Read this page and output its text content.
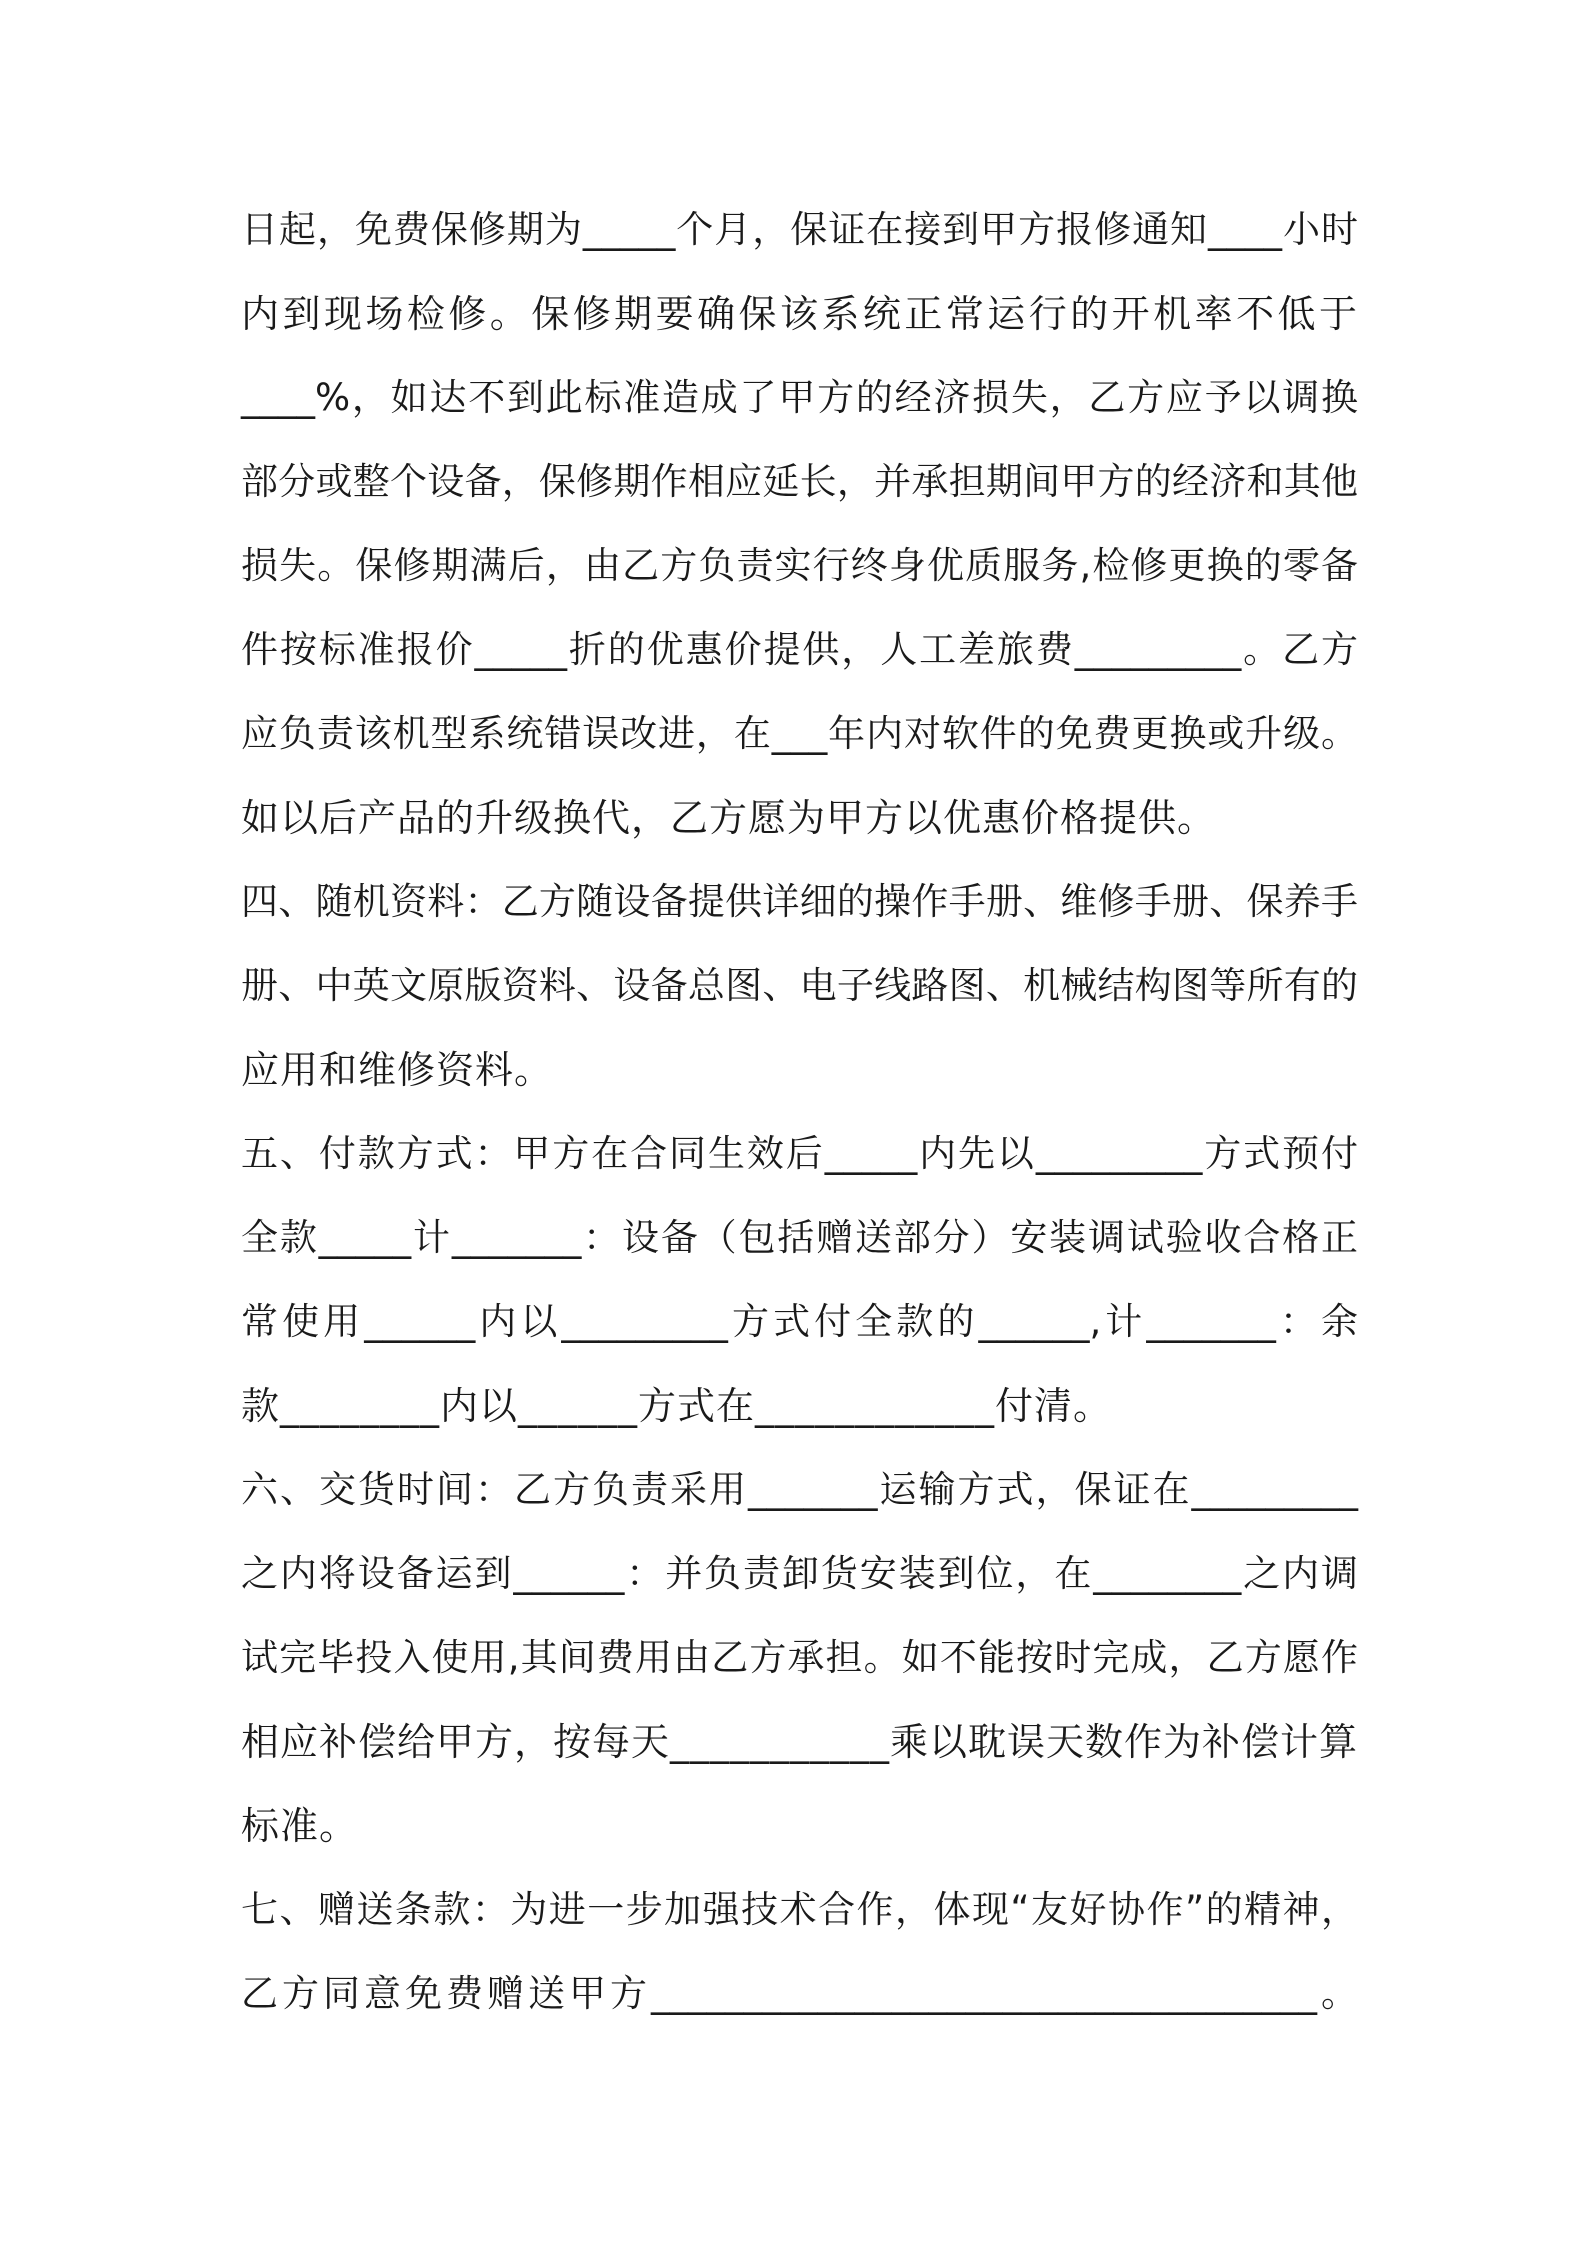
日起，免费保修期为_____个月，保证在接到甲方报修通知____小时
内到现场检修。保修期要确保该系统正常运行的开机率不低于
____%，如达不到此标准造成了甲方的经济损失，乙方应予以调换
部分或整个设备，保修期作相应延长，并承担期间甲方的经济和其他
损失。保修期满后，由乙方负责实行终身优质服务,检修更换的零备
件按标准报价_____折的优惠价提供，人工差旅费_________。乙方
应负责该机型系统错误改进，在___年内对软件的免费更换或升级。
如以后产品的升级换代，乙方愿为甲方以优惠价格提供。
四、随机资料：乙方随设备提供详细的操作手册、维修手册、保养手
册、中英文原版资料、设备总图、电子线路图、机械结构图等所有的
应用和维修资料。
五、付款方式：甲方在合同生效后_____内先以_________方式预付
全款_____计_______：设备（包括赠送部分）安装调试验收合格正
常使用______内以_________方式付全款的______,计_______：余
款________内以______方式在____________付清。
六、交货时间：乙方负责采用_______运输方式，保证在_________
之内将设备运到______：并负责卸货安装到位，在________之内调
试完毕投入使用,其间费用由乙方承担。如不能按时完成，乙方愿作
相应补偿给甲方，按每天___________乘以耽误天数作为补偿计算
标准。
七、赠送条款：为进一步加强技术合作，体现“友好协作”的精神，
乙方同意免费赠送甲方____________________________________。
